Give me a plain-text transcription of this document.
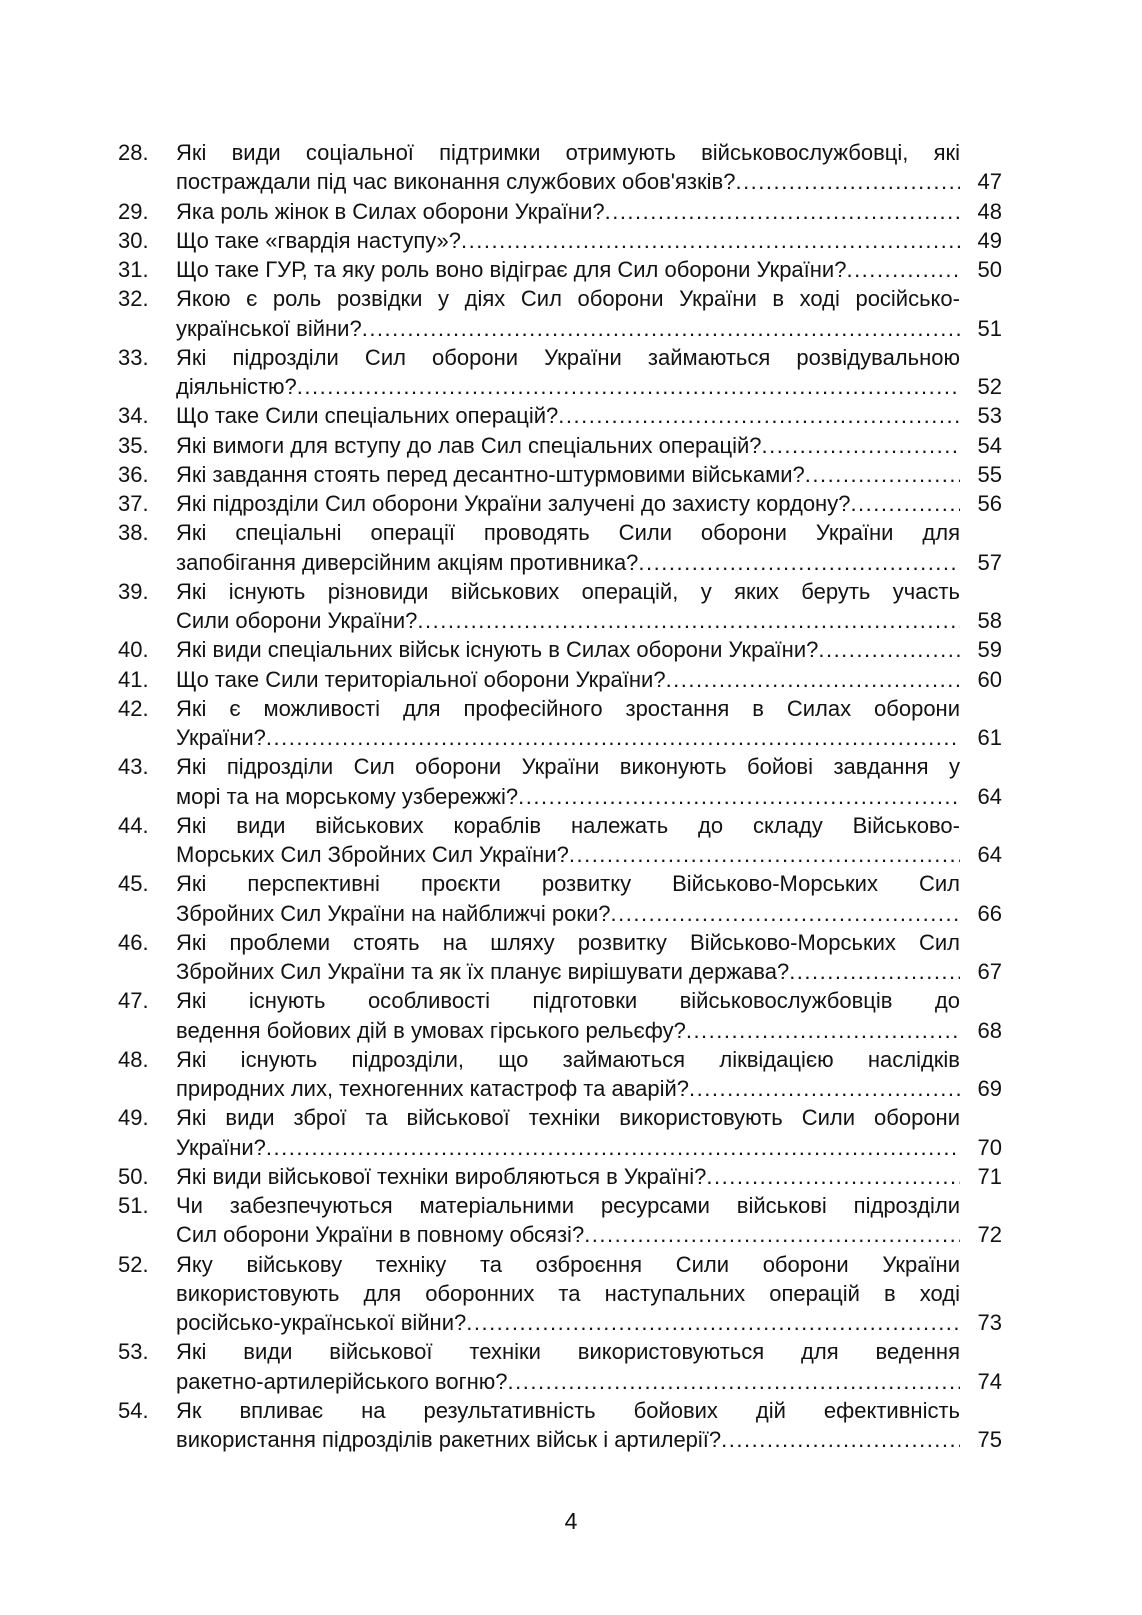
28.	Які види соціальної підтримки отримують військовослужбовці, які
постраждали під час виконання службових обов'язків? .....	47
29.	Яка роль жінок в Силах оборони України? .....	48
30.	Що таке «гвардія наступу»? .....	49
31.	Що таке ГУР, та яку роль воно відіграє для Сил оборони України? .....	50
32.	Якою є роль розвідки у діях Сил оборони України в ході російсько-
української війни? .....	51
33.	Які підрозділи Сил оборони України займаються розвідувальною
діяльністю? .....	52
34.	Що таке Сили спеціальних операцій? .....	53
35.	Які вимоги для вступу до лав Сил спеціальних операцій? .....	54
36.	Які завдання стоять перед десантно-штурмовими військами? .....	55
37.	Які підрозділи Сил оборони України залучені до захисту кордону? .....	56
38.	Які спеціальні операції проводять Сили оборони України для
запобігання диверсійним акціям противника? .....	57
39.	Які існують різновиди військових операцій, у яких беруть участь
Сили оборони України? .....	58
40.	Які види спеціальних військ існують в Силах оборони України? .....	59
41.	Що таке Сили територіальної оборони України? .....	60
42.	Які є можливості для професійного зростання в Силах оборони
України? .....	61
43.	Які підрозділи Сил оборони України виконують бойові завдання у
морі та на морському узбережжі? .....	64
44.	Які види військових кораблів належать до складу Військово-
Морських Сил Збройних Сил України? .....	64
45.	Які перспективні проєкти розвитку Військово-Морських Сил
Збройних Сил України на найближчі роки? .....	66
46.	Які проблеми стоять на шляху розвитку Військово-Морських Сил
Збройних Сил України та як їх планує вирішувати держава? .....	67
47.	Які існують особливості підготовки військовослужбовців до
ведення бойових дій в умовах гірського рельєфу? .....	68
48.	Які існують підрозділи, що займаються ліквідацією наслідків
природних лих, техногенних катастроф та аварій? .....	69
49.	Які види зброї та військової техніки використовують Сили оборони
України? .....	70
50.	Які види військової техніки виробляються в Україні? .....	71
51.	Чи забезпечуються матеріальними ресурсами військові підрозділи
Сил оборони України в повному обсязі? .....	72
52.	Яку військову техніку та озброєння Сили оборони України
використовують для оборонних та наступальних операцій в ході
російсько-української війни? .....	73
53.	Які види військової техніки використовуються для ведення
ракетно-артилерійського вогню? .....	74
54.	Як впливає на результативність бойових дій ефективність
використання підрозділів ракетних військ і артилерії? .....	75
4
